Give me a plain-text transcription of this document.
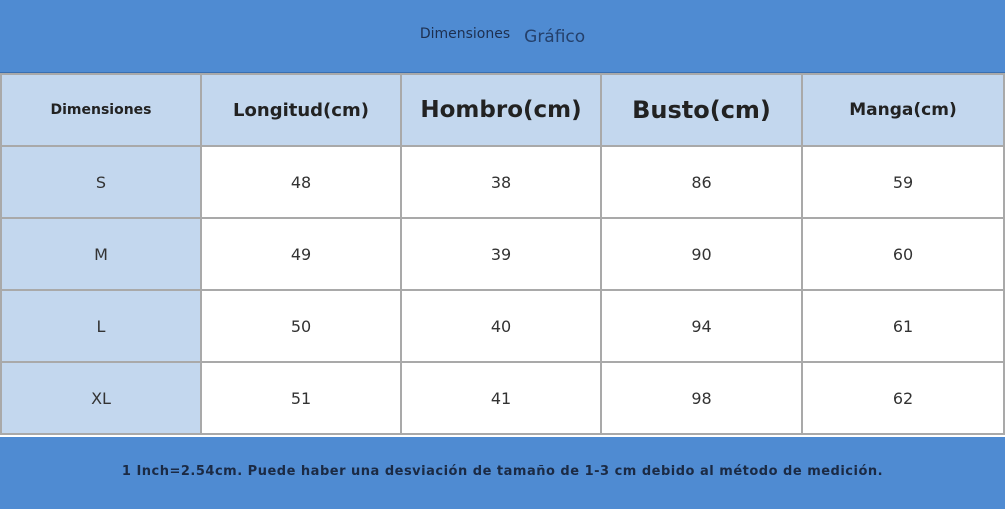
Dimensiones Gráfico
Dimensiones	Longitud(cm)	Hombro(cm)	Busto(cm)	Manga(cm)
S	48	38	86	59
M	49	39	90	60
L	50	40	94	61
XL	51	41	98	62
1 Inch=2.54cm. Puede haber una desviación de tamaño de 1-3 cm debido al método de medición.
